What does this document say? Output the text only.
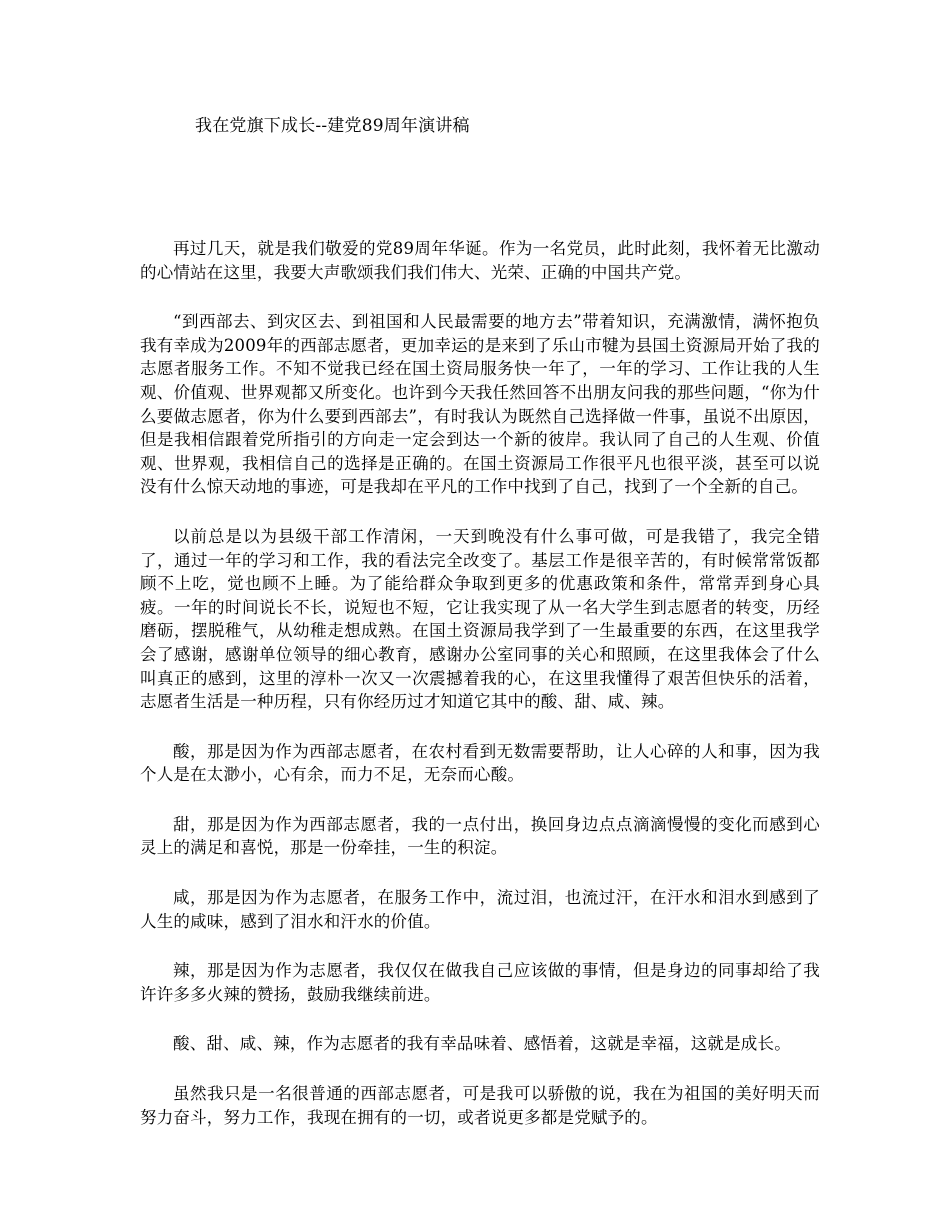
我在党旗下成长--建党89周年演讲稿

再过几天，就是我们敬爱的党89周年华诞。作为一名党员，此时此刻，我怀着无比激动的心情站在这里，我要大声歌颂我们我们伟大、光荣、正确的中国共产党。

“到西部去、到灾区去、到祖国和人民最需要的地方去”带着知识，充满激情，满怀抱负我有幸成为2009年的西部志愿者，更加幸运的是来到了乐山市犍为县国土资源局开始了我的志愿者服务工作。不知不觉我已经在国土资局服务快一年了，一年的学习、工作让我的人生观、价值观、世界观都又所变化。也许到今天我任然回答不出朋友问我的那些问题，“你为什么要做志愿者，你为什么要到西部去”，有时我认为既然自己选择做一件事，虽说不出原因，但是我相信跟着党所指引的方向走一定会到达一个新的彼岸。我认同了自己的人生观、价值观、世界观，我相信自己的选择是正确的。在国土资源局工作很平凡也很平淡，甚至可以说没有什么惊天动地的事迹，可是我却在平凡的工作中找到了自己，找到了一个全新的自己。

以前总是以为县级干部工作清闲，一天到晚没有什么事可做，可是我错了，我完全错了，通过一年的学习和工作，我的看法完全改变了。基层工作是很辛苦的，有时候常常饭都顾不上吃，觉也顾不上睡。为了能给群众争取到更多的优惠政策和条件，常常弄到身心具疲。一年的时间说长不长，说短也不短，它让我实现了从一名大学生到志愿者的转变，历经磨砺，摆脱稚气，从幼稚走想成熟。在国土资源局我学到了一生最重要的东西，在这里我学会了感谢，感谢单位领导的细心教育，感谢办公室同事的关心和照顾，在这里我体会了什么叫真正的感到，这里的淳朴一次又一次震撼着我的心，在这里我懂得了艰苦但快乐的活着，志愿者生活是一种历程，只有你经历过才知道它其中的酸、甜、咸、辣。

酸，那是因为作为西部志愿者，在农村看到无数需要帮助，让人心碎的人和事，因为我个人是在太渺小，心有余，而力不足，无奈而心酸。

甜，那是因为作为西部志愿者，我的一点付出，换回身边点点滴滴慢慢的变化而感到心灵上的满足和喜悦，那是一份牵挂，一生的积淀。

咸，那是因为作为志愿者，在服务工作中，流过泪，也流过汗，在汗水和泪水到感到了人生的咸味，感到了泪水和汗水的价值。

辣，那是因为作为志愿者，我仅仅在做我自己应该做的事情，但是身边的同事却给了我许许多多火辣的赞扬，鼓励我继续前进。

酸、甜、咸、辣，作为志愿者的我有幸品味着、感悟着，这就是幸福，这就是成长。

虽然我只是一名很普通的西部志愿者，可是我可以骄傲的说，我在为祖国的美好明天而努力奋斗，努力工作，我现在拥有的一切，或者说更多都是党赋予的。
